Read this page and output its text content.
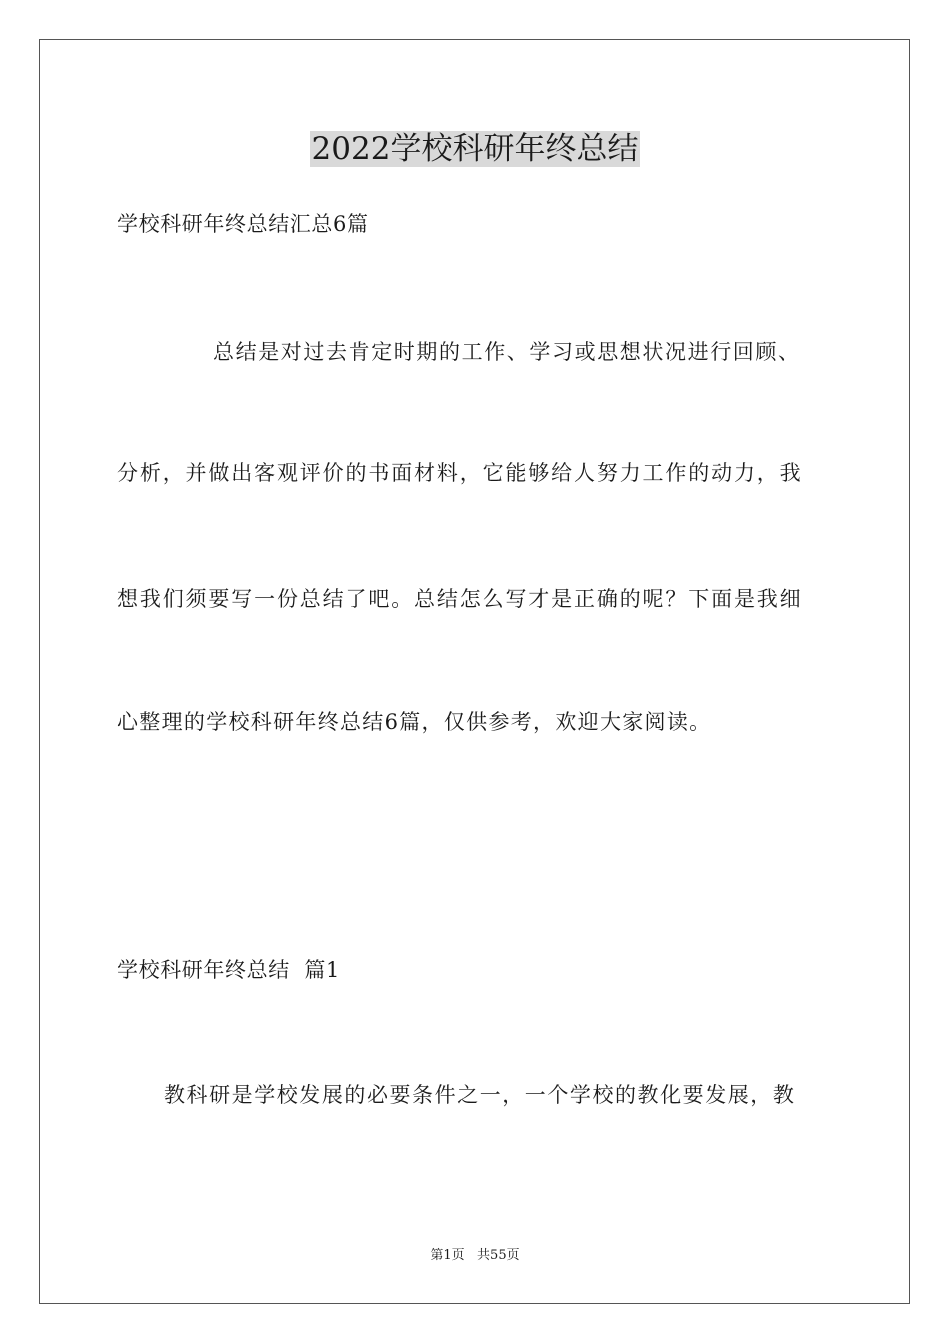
2022学校科研年终总结

学校科研年终总结汇总6篇

总结是对过去肯定时期的工作、学习或思想状况进行回顾、

分析，并做出客观评价的书面材料，它能够给人努力工作的动力，我

想我们须要写一份总结了吧。总结怎么写才是正确的呢？下面是我细

心整理的学校科研年终总结6篇，仅供参考，欢迎大家阅读。

学校科研年终总结  篇1

教科研是学校发展的必要条件之一，一个学校的教化要发展，教

第1页   共55页
